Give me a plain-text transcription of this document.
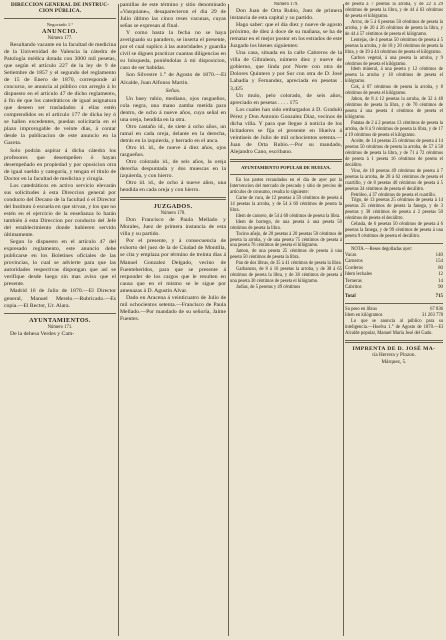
DIRECCION GENERAL DE INSTRUC-CION PÚBLICA.
Negociado 1.°
ANUNCIO.
Número 177.

Resultando vacante en la facultad de medicina de la Universidad de Valencia la cátedra de Patología médica dotada con 3000 mil pesetas, que según el artículo 227 de la ley de 9 de Setiembre de 1857 y el segundo del reglamento de 15 de Enero de 1870, corresponde al concurso, se anuncia al público con arreglo á lo dispuesto en el artículo 47 de dicho reglamento, á fin de que los catedráticos de igual asignatura que deseen ser trasladados á ellas estén comprendidos en el artículo 177 de dicha ley ó se hallen excedentes, puedan solicitarla en el plazo improrogable de veinte dias, á contar desde la publicacion de este anuncio en la Gaceta.

Solo podrán aspirar á dicha cátedra los profesores que desempeñen ó hayan desempeñado en propiedad y por oposicion otra de igual sueldo y categoría, y tengan el título de Doctor en la facultad de medicina y cirugía.

Los catedráticos en activo servicio elevarán sus solicitudes á esta Direccion general por conducto del Decano de la facultad ó el Director del Instituto ó escuela en que sirvan, y los que no estén en el ejercicio de la enseñanza lo harán también á esta Direccion por conducto del Jefe del establecimiento donde hubieren servido últimamente.

Segun lo dispuesto en el artículo 47 del expresado reglamento, este anuncio debe publicarse en los Boletines oficiales de las provincias, lo cual se advierte para que las autoridades respectivas dispongan que así se verifique desde luego sin mas aviso que el presente.

Madrid 16 de Julio de 1870.—El Director general, Manuel Merelo.—Rubricado.—Es copia.—El Rector, Ur. Alara.

AYUNTAMIENTOS.
Número 171.

De la dehesa Verdes y Cam-

pamillas de este término y sitio denominado «Vasquiane», desaparecieron el dia 29 de Julio último las cinco reses vacunas, cuyas señas se expresan al final.

Y como hasta la fecha no se haya averiguado su paradero, se inserta el presente, por el cual suplico á las autoridades y guardia civil se dignen practicar cuantas diligencias en su búsqueda, poniéndolas á mi disposicion, caso de ser habidas.

Son Silvestre 1.° de Agosto de 1870.—El Alcalde, Juan Alfonso Martin.

Señas.

Un buey rubio, mediano, ojos rasgueños, cola negra, una mano zamba metida para dentro, de ocho á nueve años, cuya señal en una oreja, hendida en la otra.

Otro castaño id., de siete á ocho años, un ramal en cada oreja, delante en la derecha, detrás en la izquierda, y herrado en el anca.

Otro id. id., de nueve á diez años, ojos rasgueños.

Otro colorado id., de seis años, la oreja derecha despuntada y dos muescas en la izquierda, y con hierro.

Otro id. id., de ocho á nueve años, una hendida en cada oreja y con hierro.

JUZGADOS.
Número 178.

Don Francisco de Paula Mellado y Morales, Juez de primera instancia de esta villa y su partido.

Por el presente, y á consecuencia de exhorto del juez de la de Ciudad de Montilla, se cita y emplaza por término de treinta dias á Manuel Gonzalez Delgado, vecino de Fuenteheridos, para que se presente á responder de los cargos que le resulten en causa que en el mismo se le sigue por amenazas á D. Agustin Alvar.

Dado en Aracena á veinticuatro de Julio de mil ochocientos setenta.—Francisco de Paula Mellado.—Por mandado de su señoría, Jaime Fuentes.

Número 179.

Don Juan de Orta Rubio, Juez de primera instancia de esta capital y su partido.

Hago saber: que el dia diez y nueve de agosto próximo, de diez á doce de su mañana, se ha de rematar en el mejor postor en los estrados de este Juzgado los bienes siguientes:

Una casa, situada en la calle Cabreros de la villa de Gibraleon, número diez y nueve de gobierno, que linda por Norte con otra de Dolores Quintero y por Sur con otra de D. José Labadía y Fernandez, apreciada en pesetas . 3,425

Un mulo, pelo colorado, de seis años, apreciado en pesetas . . . . 175

Los cuales han sido embargados á D. Gradulú Pérez y Don Antonio Gonzalez Diaz, vecinos de dicha villa. Y para que llegue á noticia de los licitadores se fija el presente en Huelva á veintiseis de Julio de mil ochocientos setenta.—Juan de Orta Rubio.—Por su mandado, Alejandro Cano, escribano.

AYUNTAMIENTO POPULAR DE HUELVA.

En los partes recaudados en el dia de ayer por la Intervencion del mercado de pescado y sitio de precios de artículos de consumo, resulta lo siguiente:

Carne de vaca, de 12 pesetas á 59 céntimos de peseta á 14 pesetas la arroba, y de 54 á 60 céntimos de peseta la libra.

Idem de carnero, de 54 á 60 céntimos de peseta la libra.

Idem de borrego, de una peseta á una peseta 50 céntimos de peseta la libra.

Tocino añejo, de 20 pesetas á 20 pesetas 50 céntimos de peseta la arroba, y de una peseta 75 céntimos de peseta á una peseta 76 céntimos de peseta el kilógramo.

Jamon, de una peseta 25 céntimos de peseta á una peseta 50 céntimos de peseta la libra.

Pan de dos libras, de 35 á 41 céntimos de peseta la libra.

Garbanzos, de 8 á 16 pesetas la arroba, y de 38 á 65 céntimos de peseta la libra, y de 38 céntimos de peseta á una peseta 30 céntimos de peseta el kilógramo.

Judías, de 5 pesetas y 49 céntimos

de peseta á 7 pesetas la arroba, y de 22 á 29 céntimos de peseta la libra, y de 44 á 63 céntimos de peseta el kilógramo.

Arroz, de 5 á 6 pesetas 50 céntimos de peseta la arroba, y de 20 á 26 céntimos de peseta la libra, y de 44 á 57 céntimos de peseta el kilógramo.

Lentejas, de 4 pesetas 50 céntimos de peseta á 5 pesetas la arroba, y de 18 y 20 céntimos de peseta la libra, y de 39 á 44 céntimos de peseta el kilógramo.

Carbon vegetal, á una peseta la arroba, y 9 céntimos de peseta el kilógramo.

Idem mineral, á una peseta y 12 céntimos de peseta la arroba y 18 céntimos de peseta el kilógramo.

Cok, á 87 céntimos de peseta la arroba, y 8 céntimos de peseta el kilógramo.

Jabon, de 8 á 12 pesetas la arroba, de 32 á 48 céntimos de peseta la libra, y de 70 céntimos de peseta á una peseta 4 céntimos de peseta el kilógramo.

Patatas de 2 á 2 pesetas 13 céntimos de peseta la arroba, de 8 á 9 céntimos de peseta la libra, y de 17 á 19 céntimos de peseta el kilógramo.

Aceite, de 14 pesetas 25 céntimos de peseta á 14 pesetas 50 céntimos de peseta la arroba, de 57 á 58 céntimos de peseta la libra, y de 71 á 72 céntimos de peseta á 1 peseta 16 céntimos de peseta el decálitro.

Vino, de 10 pesetas 49 céntimos de peseta á 7 pesetas la arroba, de 28 á 62 céntimos de peseta el cuartillo, y de 8 pesetas 40 céntimos de peseta á 5 pesetas 34 céntimos de peseta el decálitro.

Petróleo, á 37 céntimos de peseta el cuartillo.

Trigo, de 13 pesetas 25 céntimos de peseta á 14 pesetas 25 céntimos de peseta la fanega, y de 3 pesetas y 38 céntimos de peseta á 2 pesetas 50 céntimos de peseta el decálitro.

Cebada, de 6 pesetas 50 céntimos de peseta á 6 pesetas la fanega, y de 99 céntimos de peseta á una peseta 9 céntimos de peseta el decálitro.

NOTA.—Reses degolladas ayer:

Vacas	140
Carneros	154
Corderos	80
Idem lechales	12
Terneras	14
Cabritos	90
Total	715
Su peso en libras	67 836
Idem en kilógramos	31 203 778

Lo que se anuncia al público para su inteligencia.—Huelva 1.° de Agosto de 1870.—El Alcalde popular, Manuel María José del Gado.

IMPRENTA DE D. JOSÉ MA-
ría Herrera y Pinzon.
Márquez, 5.
